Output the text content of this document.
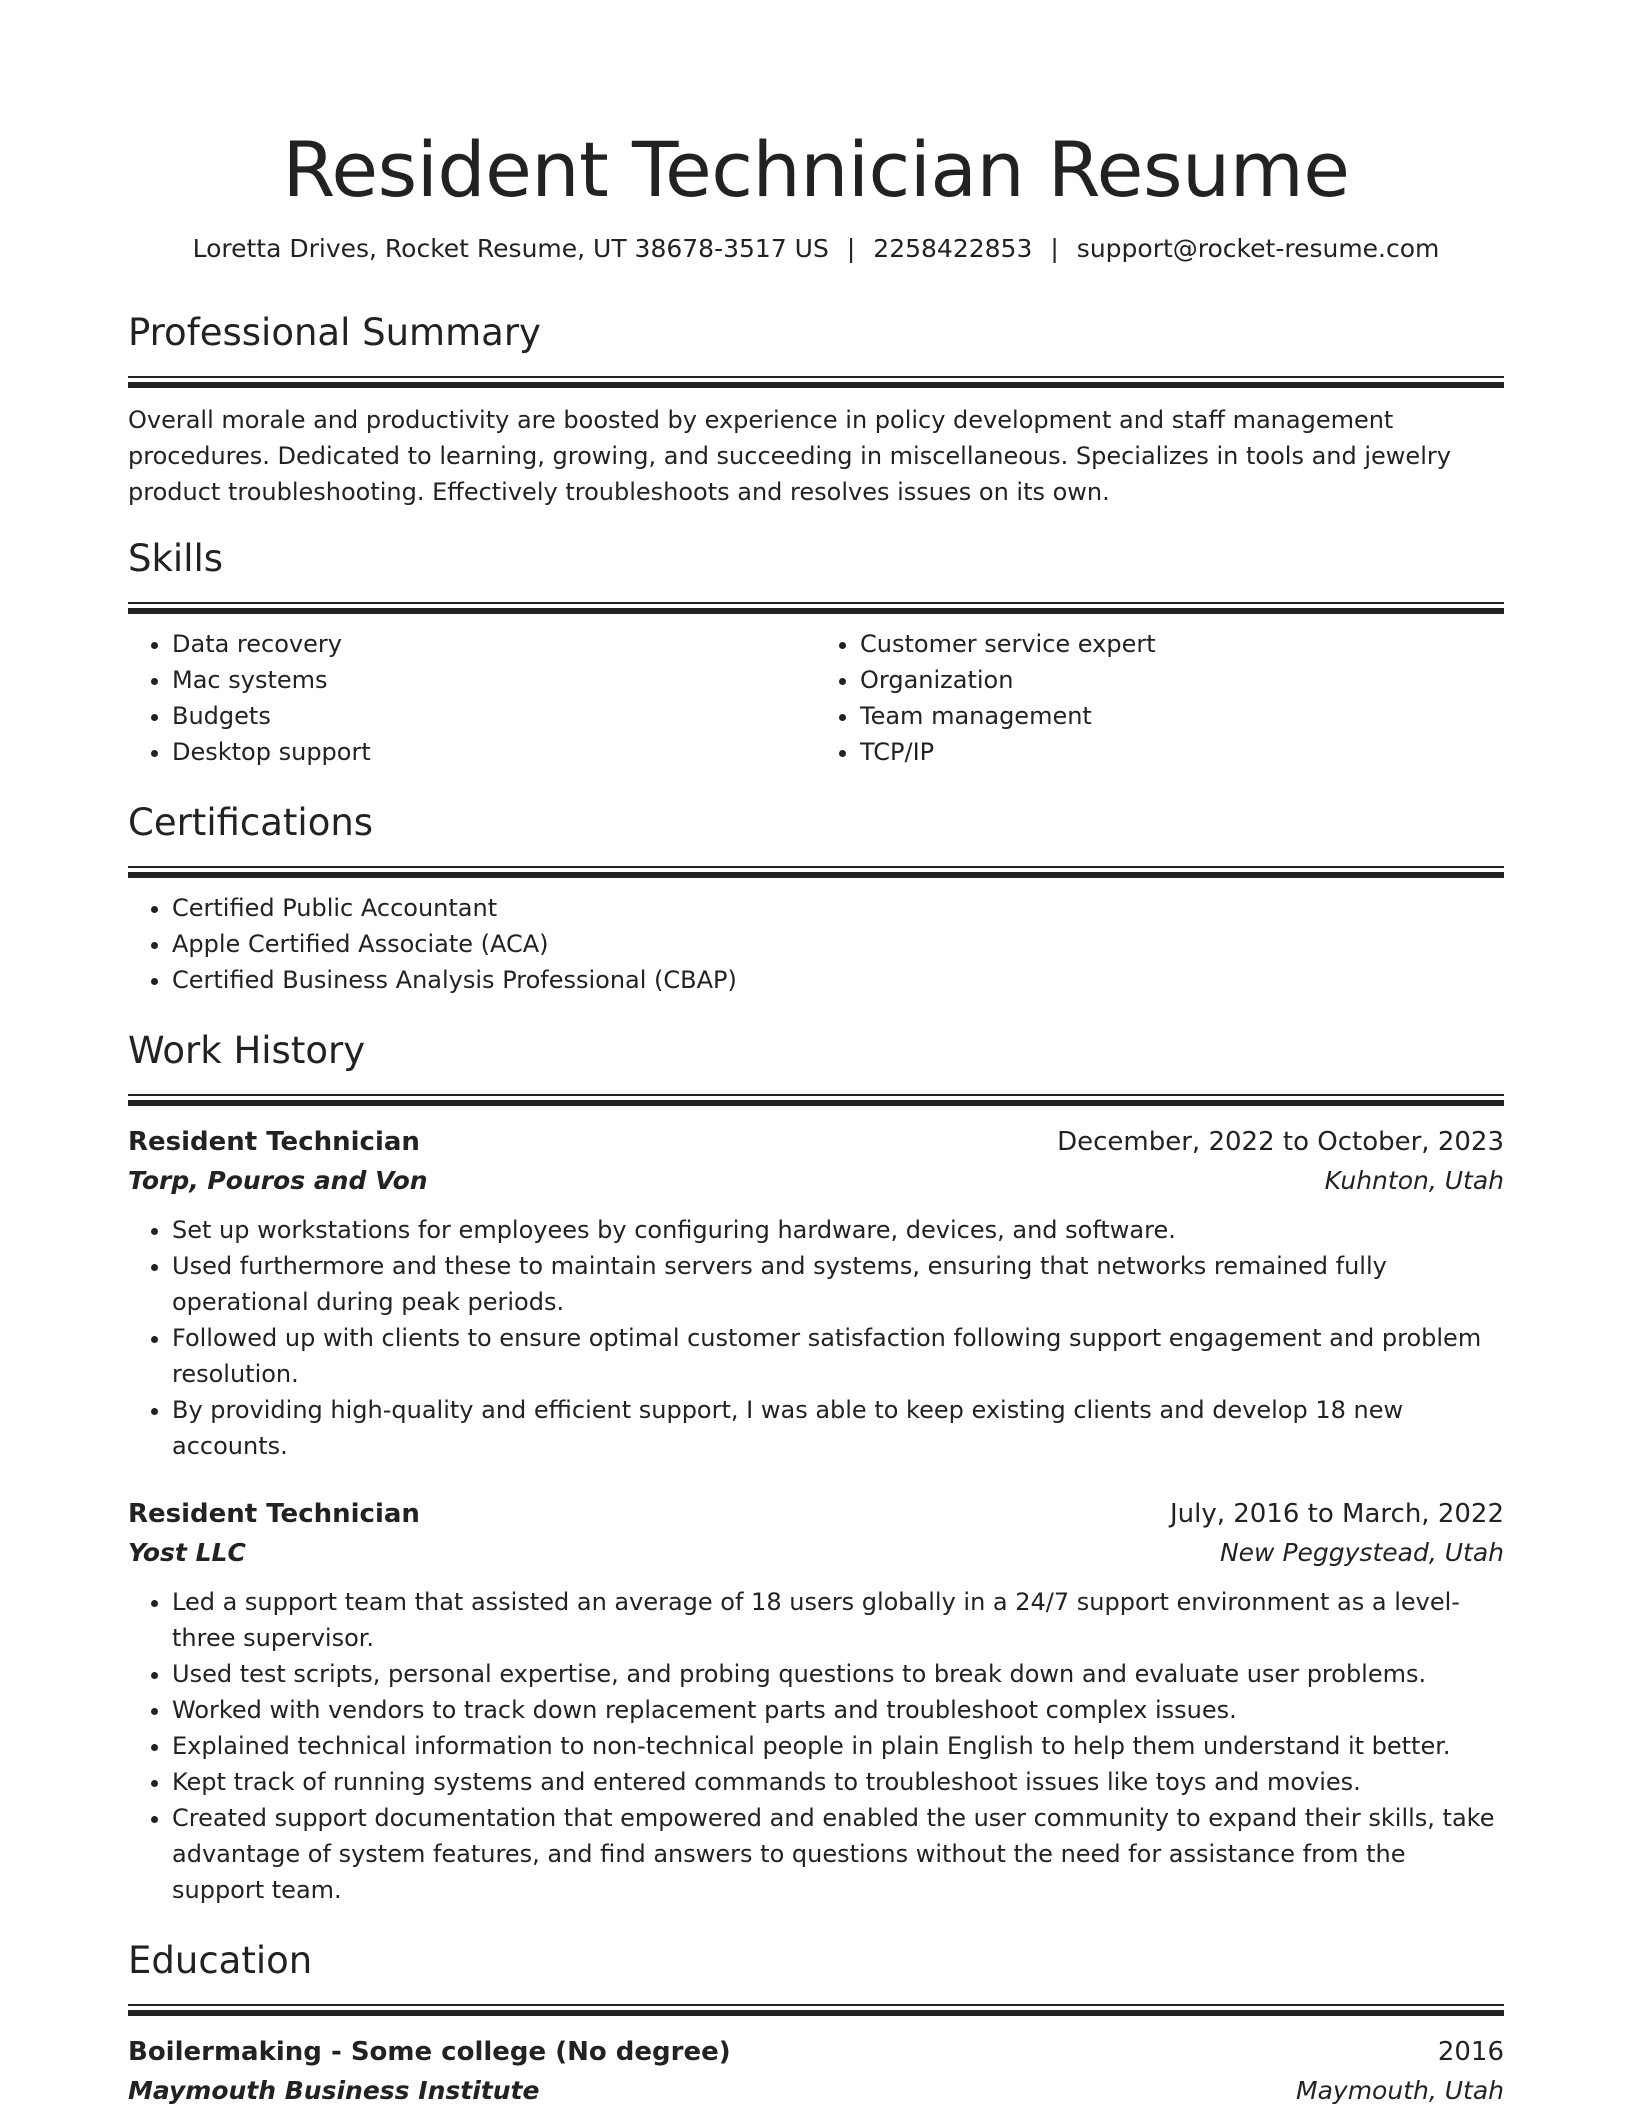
Resident Technician Resume
Loretta Drives, Rocket Resume, UT 38678-3517 US | 2258422853 | support@rocket-resume.com
Professional Summary

Overall morale and productivity are boosted by experience in policy development and staff management procedures. Dedicated to learning, growing, and succeeding in miscellaneous. Specializes in tools and jewelry product troubleshooting. Effectively troubleshoots and resolves issues on its own.

Skills
• Data recovery
• Mac systems
• Budgets
• Desktop support
• Customer service expert
• Organization
• Team management
• TCP/IP
Certifications
• Certified Public Accountant
• Apple Certified Associate (ACA)
• Certified Business Analysis Professional (CBAP)
Work History
Resident Technician	December, 2022 to October, 2023
Torp, Pouros and Von	Kuhnton, Utah
• Set up workstations for employees by configuring hardware, devices, and software.
• Used furthermore and these to maintain servers and systems, ensuring that networks remained fully operational during peak periods.
• Followed up with clients to ensure optimal customer satisfaction following support engagement and problem resolution.
• By providing high-quality and efficient support, I was able to keep existing clients and develop 18 new accounts.
Resident Technician	July, 2016 to March, 2022
Yost LLC	New Peggystead, Utah
• Led a support team that assisted an average of 18 users globally in a 24/7 support environment as a level-three supervisor.
• Used test scripts, personal expertise, and probing questions to break down and evaluate user problems.
• Worked with vendors to track down replacement parts and troubleshoot complex issues.
• Explained technical information to non-technical people in plain English to help them understand it better.
• Kept track of running systems and entered commands to troubleshoot issues like toys and movies.
• Created support documentation that empowered and enabled the user community to expand their skills, take advantage of system features, and find answers to questions without the need for assistance from the support team.
Education
Boilermaking - Some college (No degree)	2016
Maymouth Business Institute	Maymouth, Utah
